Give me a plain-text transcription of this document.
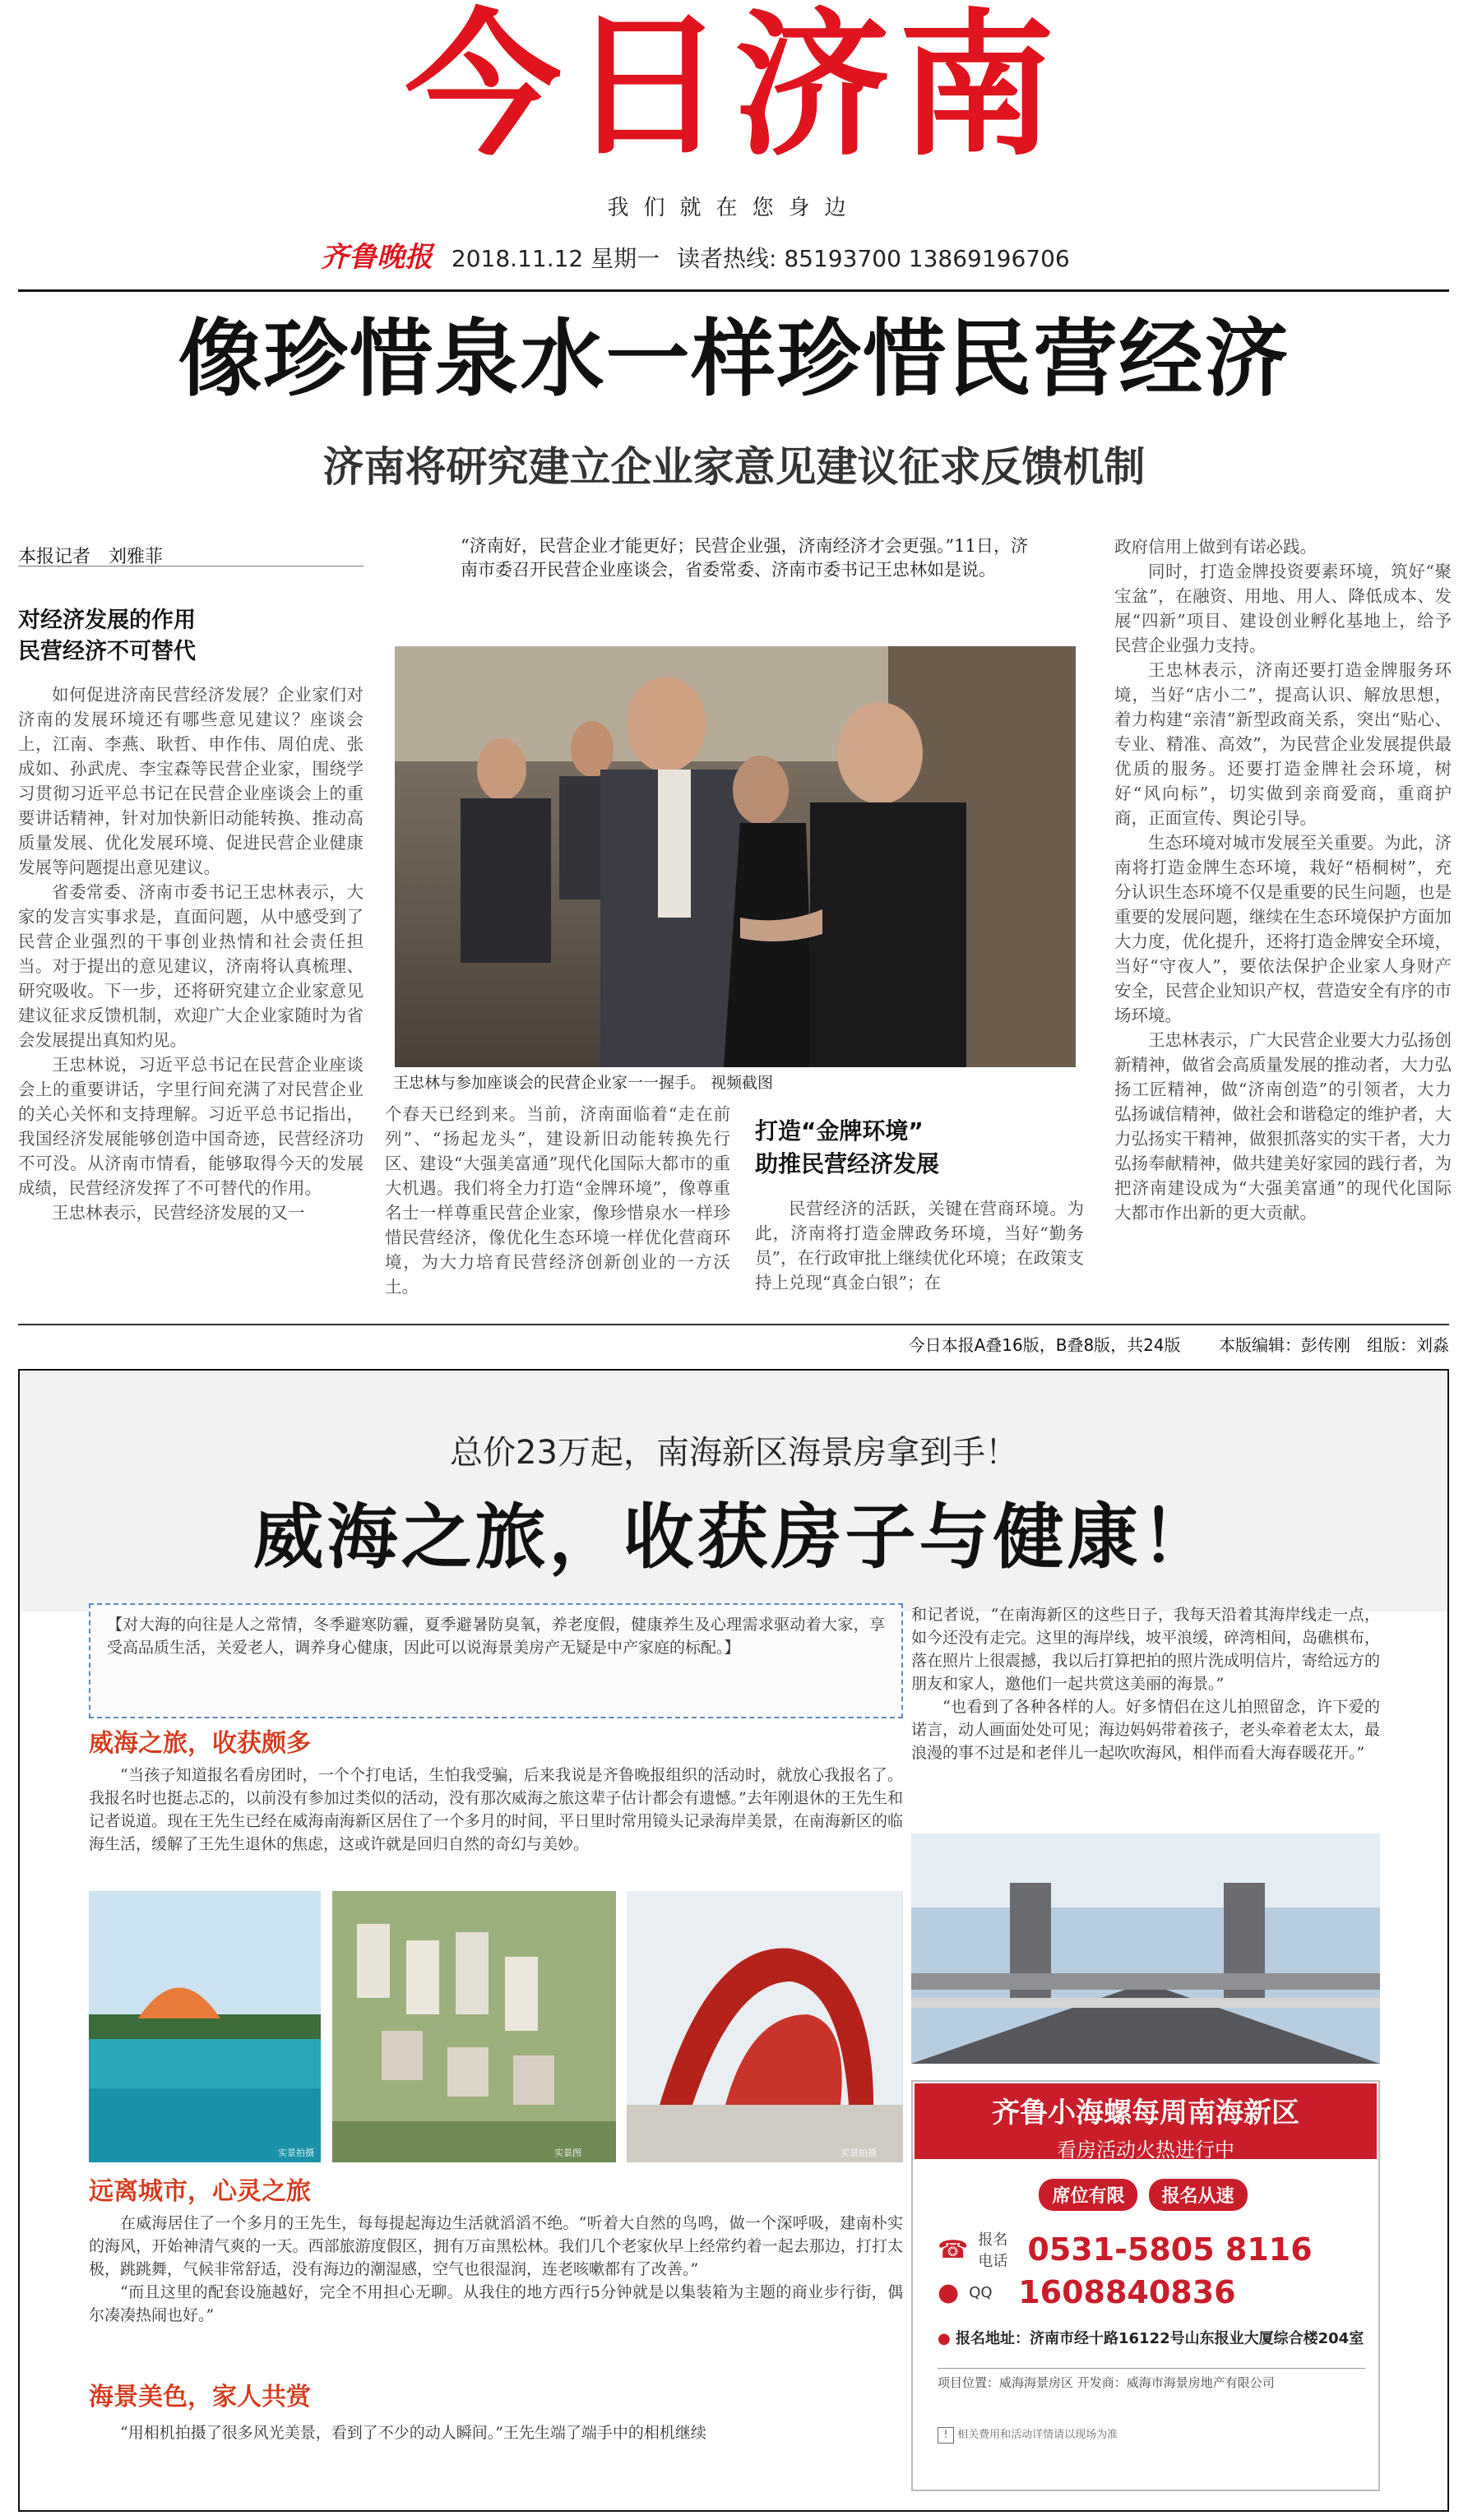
今日济南
我们就在您身边
齐鲁晚报 2018.11.12 星期一 读者热线: 85193700 13869196706
像珍惜泉水一样珍惜民营经济
济南将研究建立企业家意见建议征求反馈机制
本报记者　刘雅菲
对经济发展的作用
民营经济不可替代

如何促进济南民营经济发展？企业家们对济南的发展环境还有哪些意见建议？座谈会上，江南、李燕、耿哲、申作伟、周伯虎、张成如、孙武虎、李宝森等民营企业家，围绕学习贯彻习近平总书记在民营企业座谈会上的重要讲话精神，针对加快新旧动能转换、推动高质量发展、优化发展环境、促进民营企业健康发展等问题提出意见建议。

省委常委、济南市委书记王忠林表示，大家的发言实事求是，直面问题，从中感受到了民营企业强烈的干事创业热情和社会责任担当。对于提出的意见建议，济南将认真梳理、研究吸收。下一步，还将研究建立企业家意见建议征求反馈机制，欢迎广大企业家随时为省会发展提出真知灼见。

王忠林说，习近平总书记在民营企业座谈会上的重要讲话，字里行间充满了对民营企业的关心关怀和支持理解。习近平总书记指出，我国经济发展能够创造中国奇迹，民营经济功不可没。从济南市情看，能够取得今天的发展成绩，民营经济发挥了不可替代的作用。

王忠林表示，民营经济发展的又一

“济南好，民营企业才能更好；民营企业强，济南经济才会更强。”11日，济南市委召开民营企业座谈会，省委常委、济南市委书记王忠林如是说。
王忠林与参加座谈会的民营企业家一一握手。 视频截图

个春天已经到来。当前，济南面临着“走在前列”、“扬起龙头”，建设新旧动能转换先行区、建设“大强美富通”现代化国际大都市的重大机遇。我们将全力打造“金牌环境”，像尊重名士一样尊重民营企业家，像珍惜泉水一样珍惜民营经济，像优化生态环境一样优化营商环境，为大力培育民营经济创新创业的一方沃土。

打造“金牌环境”
助推民营经济发展

民营经济的活跃，关键在营商环境。为此，济南将打造金牌政务环境，当好“勤务员”，在行政审批上继续优化环境；在政策支持上兑现“真金白银”；在

政府信用上做到有诺必践。

同时，打造金牌投资要素环境，筑好“聚宝盆”，在融资、用地、用人、降低成本、发展“四新”项目、建设创业孵化基地上，给予民营企业强力支持。

王忠林表示，济南还要打造金牌服务环境，当好“店小二”，提高认识、解放思想，着力构建“亲清”新型政商关系，突出“贴心、专业、精准、高效”，为民营企业发展提供最优质的服务。还要打造金牌社会环境，树好“风向标”，切实做到亲商爱商，重商护商，正面宣传、舆论引导。

生态环境对城市发展至关重要。为此，济南将打造金牌生态环境，栽好“梧桐树”，充分认识生态环境不仅是重要的民生问题，也是重要的发展问题，继续在生态环境保护方面加大力度，优化提升，还将打造金牌安全环境，当好“守夜人”，要依法保护企业家人身财产安全，民营企业知识产权，营造安全有序的市场环境。

王忠林表示，广大民营企业要大力弘扬创新精神，做省会高质量发展的推动者，大力弘扬工匠精神，做“济南创造”的引领者，大力弘扬诚信精神，做社会和谐稳定的维护者，大力弘扬实干精神，做狠抓落实的实干者，大力弘扬奉献精神，做共建美好家园的践行者，为把济南建设成为“大强美富通”的现代化国际大都市作出新的更大贡献。

今日本报A叠16版，B叠8版，共24版 本版编辑：彭传刚　组版：刘淼
总价23万起，南海新区海景房拿到手！
威海之旅，收获房子与健康！
【对大海的向往是人之常情，冬季避寒防霾，夏季避暑防臭氧，养老度假，健康养生及心理需求驱动着大家，享受高品质生活，关爱老人，调养身心健康，因此可以说海景美房产无疑是中产家庭的标配。】
威海之旅，收获颇多

“当孩子知道报名看房团时，一个个打电话，生怕我受骗，后来我说是齐鲁晚报组织的活动时，就放心我报名了。我报名时也挺忐忑的，以前没有参加过类似的活动，没有那次威海之旅这辈子估计都会有遗憾。”去年刚退休的王先生和记者说道。现在王先生已经在威海南海新区居住了一个多月的时间，平日里时常用镜头记录海岸美景，在南海新区的临海生活，缓解了王先生退休的焦虑，这或许就是回归自然的奇幻与美妙。

实景拍摄	实景图	实景拍摄
远离城市，心灵之旅

在威海居住了一个多月的王先生，每每提起海边生活就滔滔不绝。“听着大自然的鸟鸣，做一个深呼吸，建南朴实的海风，开始神清气爽的一天。西部旅游度假区，拥有万亩黑松林。我们几个老家伙早上经常约着一起去那边，打打太极，跳跳舞，气候非常舒适，没有海边的潮湿感，空气也很湿润，连老咳嗽都有了改善。”

“而且这里的配套设施越好，完全不用担心无聊。从我住的地方西行5分钟就是以集装箱为主题的商业步行街，偶尔凑凑热闹也好。”

海景美色，家人共赏

“用相机拍摄了很多风光美景，看到了不少的动人瞬间。”王先生端了端手中的相机继续

和记者说，“在南海新区的这些日子，我每天沿着其海岸线走一点，如今还没有走完。这里的海岸线，坡平浪缓，碎湾相间，岛礁棋布，落在照片上很震撼，我以后打算把拍的照片洗成明信片，寄给远方的朋友和家人，邀他们一起共赏这美丽的海景。”

“也看到了各种各样的人。好多情侣在这儿拍照留念，许下爱的诺言，动人画面处处可见；海边妈妈带着孩子，老头牵着老太太，最浪漫的事不过是和老伴儿一起吹吹海风，相伴而看大海春暖花开。”

齐鲁小海螺每周南海新区
看房活动火热进行中
席位有限 报名从速
☎ 报名电话 0531-5805 8116
● QQ 1608840836
● 报名地址：济南市经十路16122号山东报业大厦综合楼204室
项目位置：威海海景房区 开发商：威海市海景房地产有限公司
! 相关费用和活动详情请以现场为准
